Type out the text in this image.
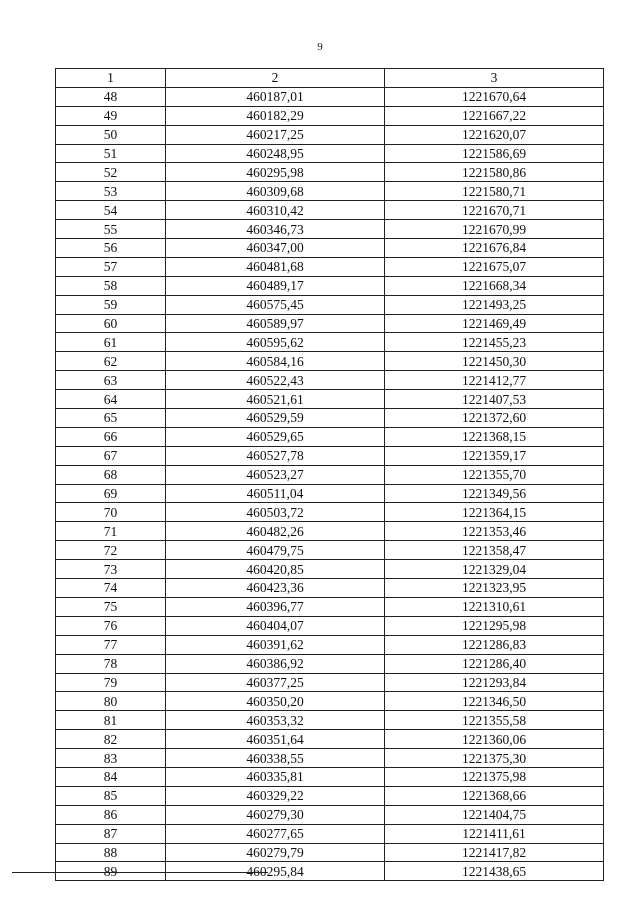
9
1	2	3
48	460187,01	1221670,64
49	460182,29	1221667,22
50	460217,25	1221620,07
51	460248,95	1221586,69
52	460295,98	1221580,86
53	460309,68	1221580,71
54	460310,42	1221670,71
55	460346,73	1221670,99
56	460347,00	1221676,84
57	460481,68	1221675,07
58	460489,17	1221668,34
59	460575,45	1221493,25
60	460589,97	1221469,49
61	460595,62	1221455,23
62	460584,16	1221450,30
63	460522,43	1221412,77
64	460521,61	1221407,53
65	460529,59	1221372,60
66	460529,65	1221368,15
67	460527,78	1221359,17
68	460523,27	1221355,70
69	460511,04	1221349,56
70	460503,72	1221364,15
71	460482,26	1221353,46
72	460479,75	1221358,47
73	460420,85	1221329,04
74	460423,36	1221323,95
75	460396,77	1221310,61
76	460404,07	1221295,98
77	460391,62	1221286,83
78	460386,92	1221286,40
79	460377,25	1221293,84
80	460350,20	1221346,50
81	460353,32	1221355,58
82	460351,64	1221360,06
83	460338,55	1221375,30
84	460335,81	1221375,98
85	460329,22	1221368,66
86	460279,30	1221404,75
87	460277,65	1221411,61
88	460279,79	1221417,82
89	460295,84	1221438,65
